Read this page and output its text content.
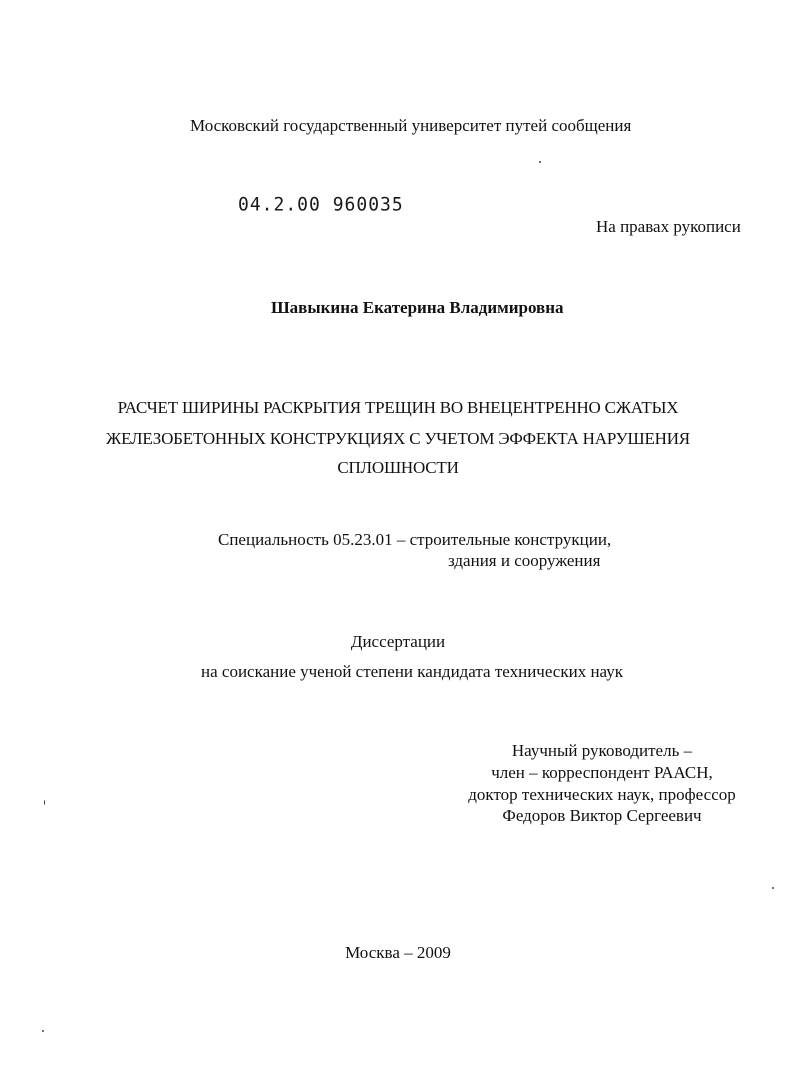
Московский государственный университет путей сообщения
04.2.00 960035
На правах рукописи
Шавыкина Екатерина Владимировна
РАСЧЕТ ШИРИНЫ РАСКРЫТИЯ ТРЕЩИН ВО ВНЕЦЕНТРЕННО СЖАТЫХ
ЖЕЛЕЗОБЕТОННЫХ КОНСТРУКЦИЯХ С УЧЕТОМ ЭФФЕКТА НАРУШЕНИЯ
СПЛОШНОСТИ
Специальность 05.23.01 – строительные конструкции,
здания и сооружения
Диссертации
на соискание ученой степени кандидата технических наук
Научный руководитель –
член – корреспондент РААСН,
доктор технических наук, профессор
Федоров Виктор Сергеевич
Москва – 2009
